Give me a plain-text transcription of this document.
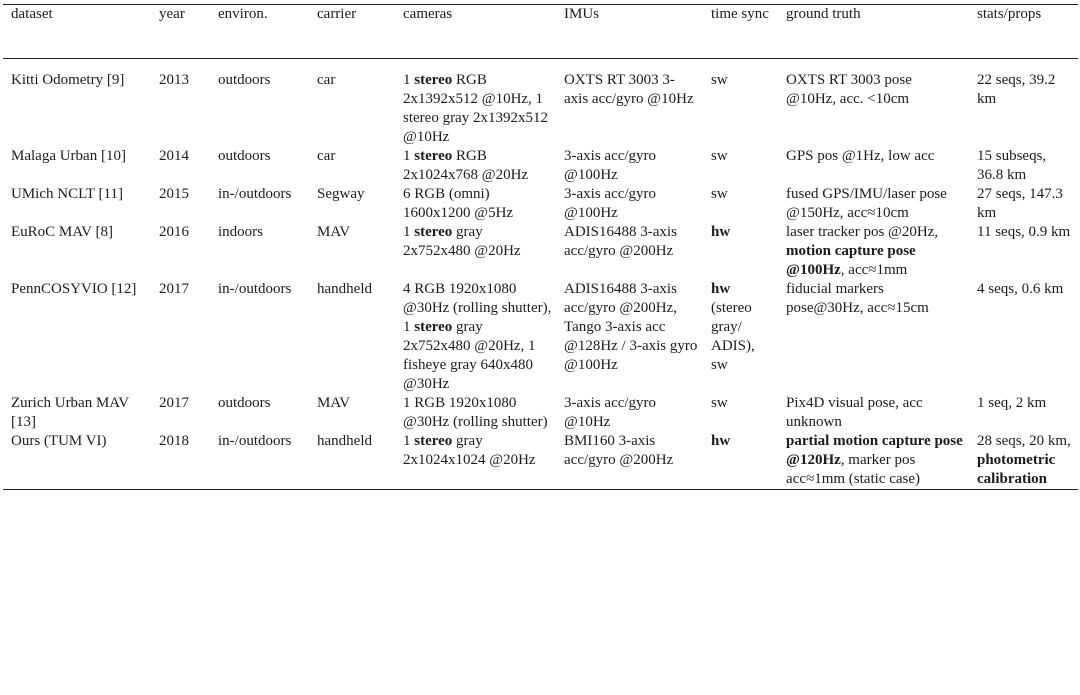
dataset	year	environ.	carrier	cameras	IMUs	time sync	ground truth	stats/props
Kitti Odometry [9]	2013	outdoors	car	1 stereo RGB 2x1392x512 @10Hz, 1 stereo gray 2x1392x512 @10Hz	OXTS RT 3003 3-axis acc/gyro @10Hz	sw	OXTS RT 3003 pose @10Hz, acc. <10cm	22 seqs, 39.2 km
Malaga Urban [10]	2014	outdoors	car	1 stereo RGB 2x1024x768 @20Hz	3-axis acc/gyro @100Hz	sw	GPS pos @1Hz, low acc	15 subseqs, 36.8 km
UMich NCLT [11]	2015	in-/outdoors	Segway	6 RGB (omni) 1600x1200 @5Hz	3-axis acc/gyro @100Hz	sw	fused GPS/IMU/laser pose @150Hz, acc≈10cm	27 seqs, 147.3 km
EuRoC MAV [8]	2016	indoors	MAV	1 stereo gray 2x752x480 @20Hz	ADIS16488 3-axis acc/gyro @200Hz	hw	laser tracker pos @20Hz, motion capture pose @100Hz, acc≈1mm	11 seqs, 0.9 km
PennCOSYVIO [12]	2017	in-/outdoors	handheld	4 RGB 1920x1080 @30Hz (rolling shutter), 1 stereo gray 2x752x480 @20Hz, 1 fisheye gray 640x480 @30Hz	ADIS16488 3-axis acc/gyro @200Hz, Tango 3-axis acc @128Hz / 3-axis gyro @100Hz	hw (stereo gray/ ADIS), sw	fiducial markers pose@30Hz, acc≈15cm	4 seqs, 0.6 km
Zurich Urban MAV [13]	2017	outdoors	MAV	1 RGB 1920x1080 @30Hz (rolling shutter)	3-axis acc/gyro @10Hz	sw	Pix4D visual pose, acc unknown	1 seq, 2 km
Ours (TUM VI)	2018	in-/outdoors	handheld	1 stereo gray 2x1024x1024 @20Hz	BMI160 3-axis acc/gyro @200Hz	hw	partial motion capture pose @120Hz, marker pos acc≈1mm (static case)	28 seqs, 20 km, photometric calibration
